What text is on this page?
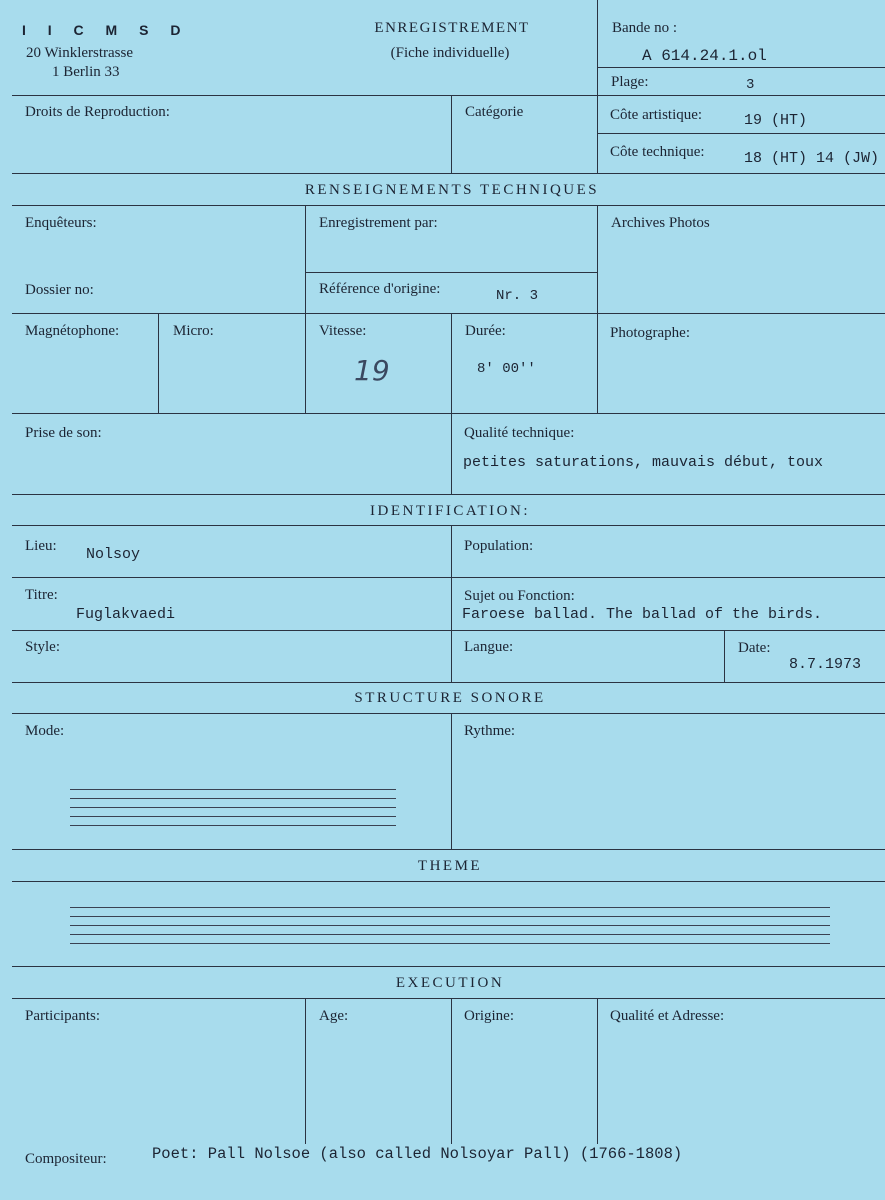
I I C M S D
20 Winklerstrasse
1 Berlin 33
ENREGISTREMENT
(Fiche individuelle)
Bande no :
A 614.24.1.ol
Plage:	3
Droits de Reproduction:	Catégorie	Côte artistique:	19 (HT)
Côte technique:	18 (HT) 14 (JW)
RENSEIGNEMENTS TECHNIQUES
Enquêteurs:	Enregistrement par:	Archives Photos
Dossier no:	Référence d'origine:	Nr. 3
Magnétophone:	Micro:	Vitesse:
19
Durée:
8' 00''
Photographe:
Prise de son:	Qualité technique:
petites saturations, mauvais début, toux
IDENTIFICATION:
Lieu: Nolsoy	Population:
Titre:
Fuglakvaedi
Sujet ou Fonction:
Faroese ballad. The ballad of the birds.
Style:	Langue:	Date:
8.7.1973
STRUCTURE SONORE
Mode:	Rythme:
THEME
EXECUTION
Participants:	Age:	Origine:	Qualité et Adresse:
Compositeur:	Poet: Pall Nolsoe (also called Nolsoyar Pall) (1766-1808)
